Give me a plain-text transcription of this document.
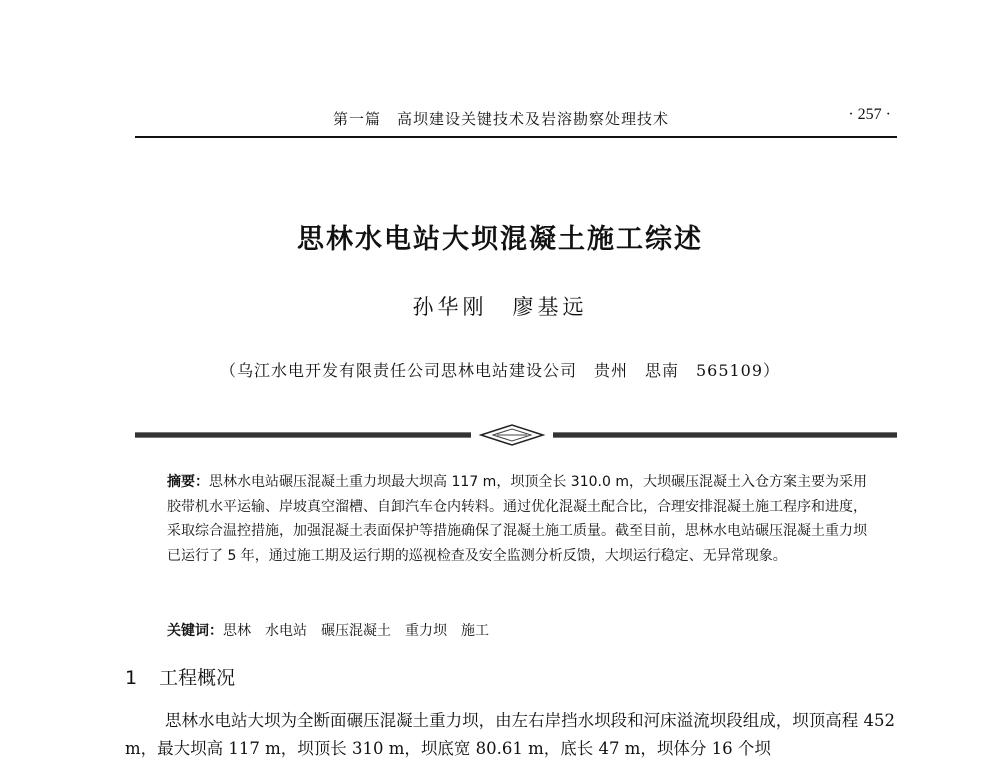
第一篇　高坝建设关键技术及岩溶勘察处理技术	· 257 ·
思林水电站大坝混凝土施工综述
孙华刚　廖基远
（乌江水电开发有限责任公司思林电站建设公司　贵州　思南　565109）
摘要：思林水电站碾压混凝土重力坝最大坝高 117 m，坝顶全长 310.0 m，大坝碾压混凝土入仓方案主要为采用胶带机水平运输、岸坡真空溜槽、自卸汽车仓内转料。通过优化混凝土配合比，合理安排混凝土施工程序和进度，采取综合温控措施，加强混凝土表面保护等措施确保了混凝土施工质量。截至目前，思林水电站碾压混凝土重力坝已运行了 5 年，通过施工期及运行期的巡视检查及安全监测分析反馈，大坝运行稳定、无异常现象。
关键词：思林 水电站 碾压混凝土 重力坝 施工
1 工程概况
思林水电站大坝为全断面碾压混凝土重力坝，由左右岸挡水坝段和河床溢流坝段组成，坝顶高程 452 m，最大坝高 117 m，坝顶长 310 m，坝底宽 80.61 m，底长 47 m，坝体分 16 个坝
